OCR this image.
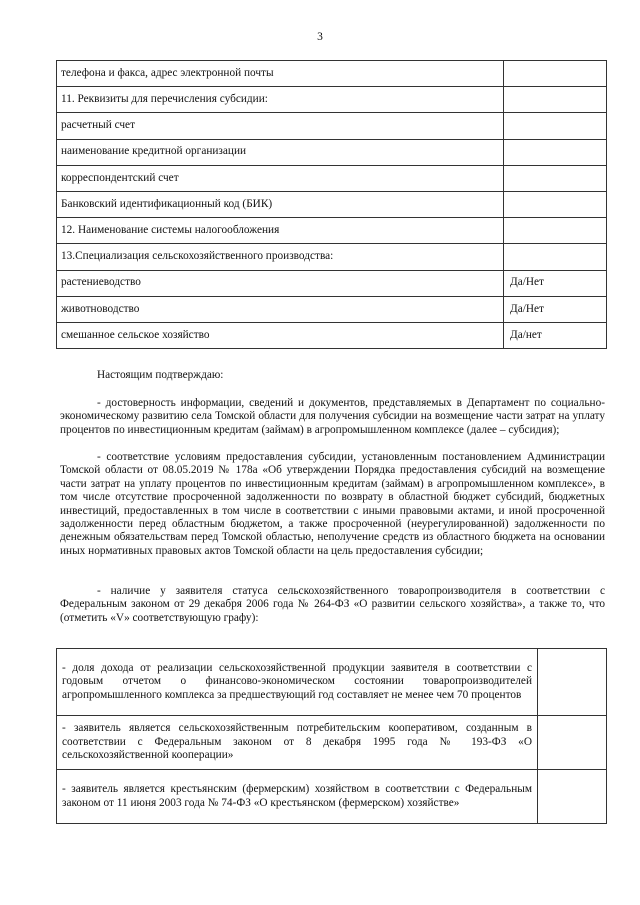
3
телефона и факса, адрес электронной почты	
11. Реквизиты для перечисления субсидии:	
расчетный счет	
наименование кредитной организации	
корреспондентский счет	
Банковский идентификационный код (БИК)	
12. Наименование системы налогообложения	
13.Специализация сельскохозяйственного производства:	
растениеводство	Да/Нет
животноводство	Да/Нет
смешанное сельское хозяйство	Да/нет
Настоящим подтверждаю:

- достоверность информации, сведений и документов, представляемых в Департамент по социально-экономическому развитию села Томской области для получения субсидии на возмещение части затрат на уплату процентов по инвестиционным кредитам (займам) в агропромышленном комплексе (далее – субсидия);

- соответствие условиям предоставления субсидии, установленным постановлением Администрации Томской области от 08.05.2019 № 178а «Об утверждении Порядка предоставления субсидий на возмещение части затрат на уплату процентов по инвестиционным кредитам (займам) в агропромышленном комплексе», в том числе отсутствие просроченной задолженности по возврату в областной бюджет субсидий, бюджетных инвестиций, предоставленных в том числе в соответствии с иными правовыми актами, и иной просроченной задолженности перед областным бюджетом, а также просроченной (неурегулированной) задолженности по денежным обязательствам перед Томской областью, неполучение средств из областного бюджета на основании иных нормативных правовых актов Томской области на цель предоставления субсидии;

- наличие у заявителя статуса сельскохозяйственного товаропроизводителя в соответствии с Федеральным законом от 29 декабря 2006 года № 264-ФЗ «О развитии сельского хозяйства», а также то, что (отметить «V» соответствующую графу):

- доля дохода от реализации сельскохозяйственной продукции заявителя в соответствии с годовым отчетом о финансово-экономическом состоянии товаропроизводителей агропромышленного комплекса за предшествующий год составляет не менее чем 70 процентов	
- заявитель является сельскохозяйственным потребительским кооперативом, созданным в соответствии с Федеральным законом от 8 декабря 1995 года № 193-ФЗ «О сельскохозяйственной кооперации»	
- заявитель является крестьянским (фермерским) хозяйством в соответствии с Федеральным законом от 11 июня 2003 года № 74-ФЗ «О крестьянском (фермерском) хозяйстве»	
